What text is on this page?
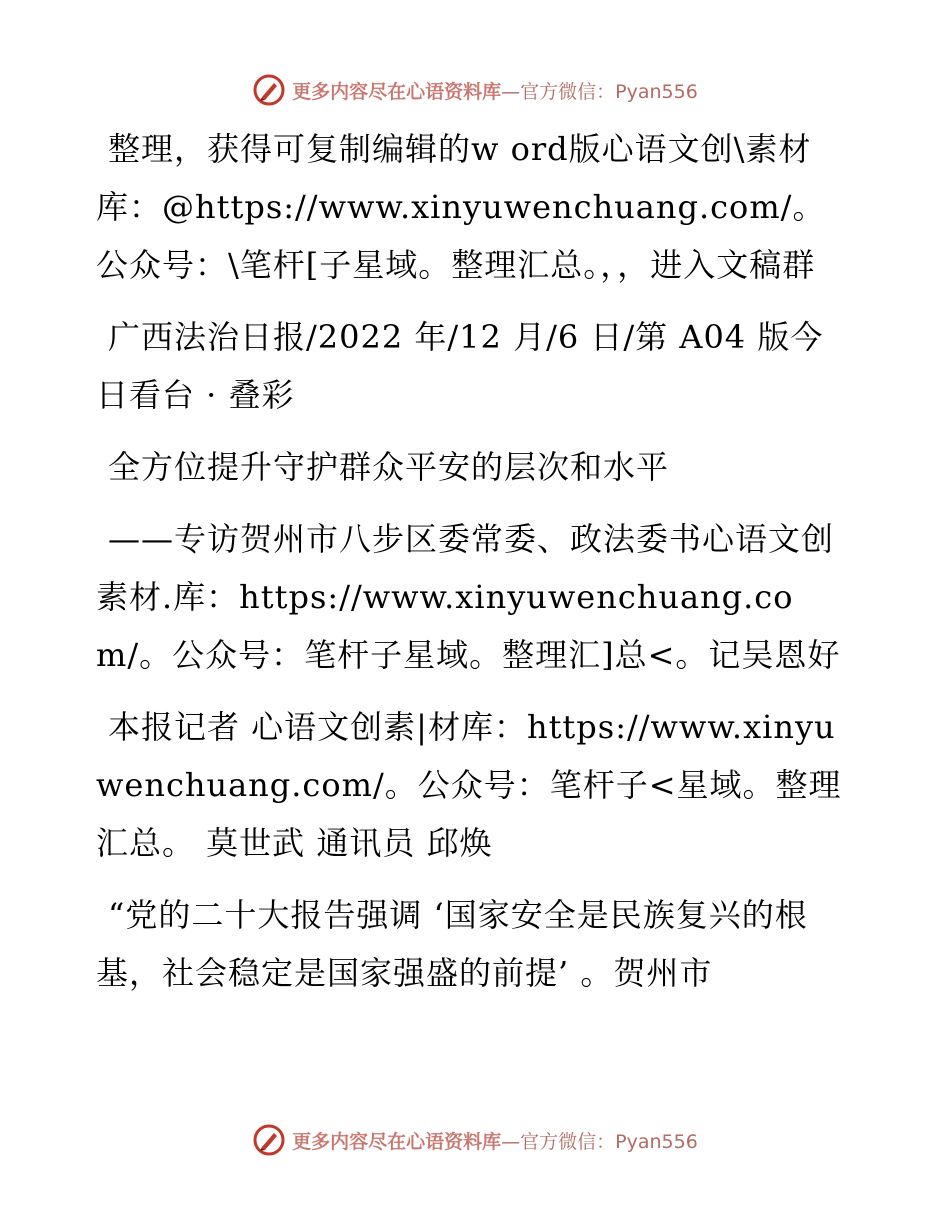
更多内容尽在心语资料库—官方微信：Pyan556

整理，获得可复制编辑的w ord版心语文创\素材库：@https://www.xinyuwenchuang.com/。公众号：\笔杆[子星域。整理汇总。，，进入文稿群

广西法治日报/2022 年/12 月/6 日/第 A04 版今日看台 · 叠彩

全方位提升守护群众平安的层次和水平

——专访贺州市八步区委常委、政法委书心语文创素材.库：https://www.xinyuwenchuang.com/。公众号：笔杆子星域。整理汇]总<。记吴恩好

本报记者 心语文创素|材库：https://www.xinyuwenchuang.com/。公众号：笔杆子<星域。整理汇总。 莫世武 通讯员 邱焕

“党的二十大报告强调 ‘国家安全是民族复兴的根基，社会稳定是国家强盛的前提’ 。贺州市

更多内容尽在心语资料库—官方微信：Pyan556
